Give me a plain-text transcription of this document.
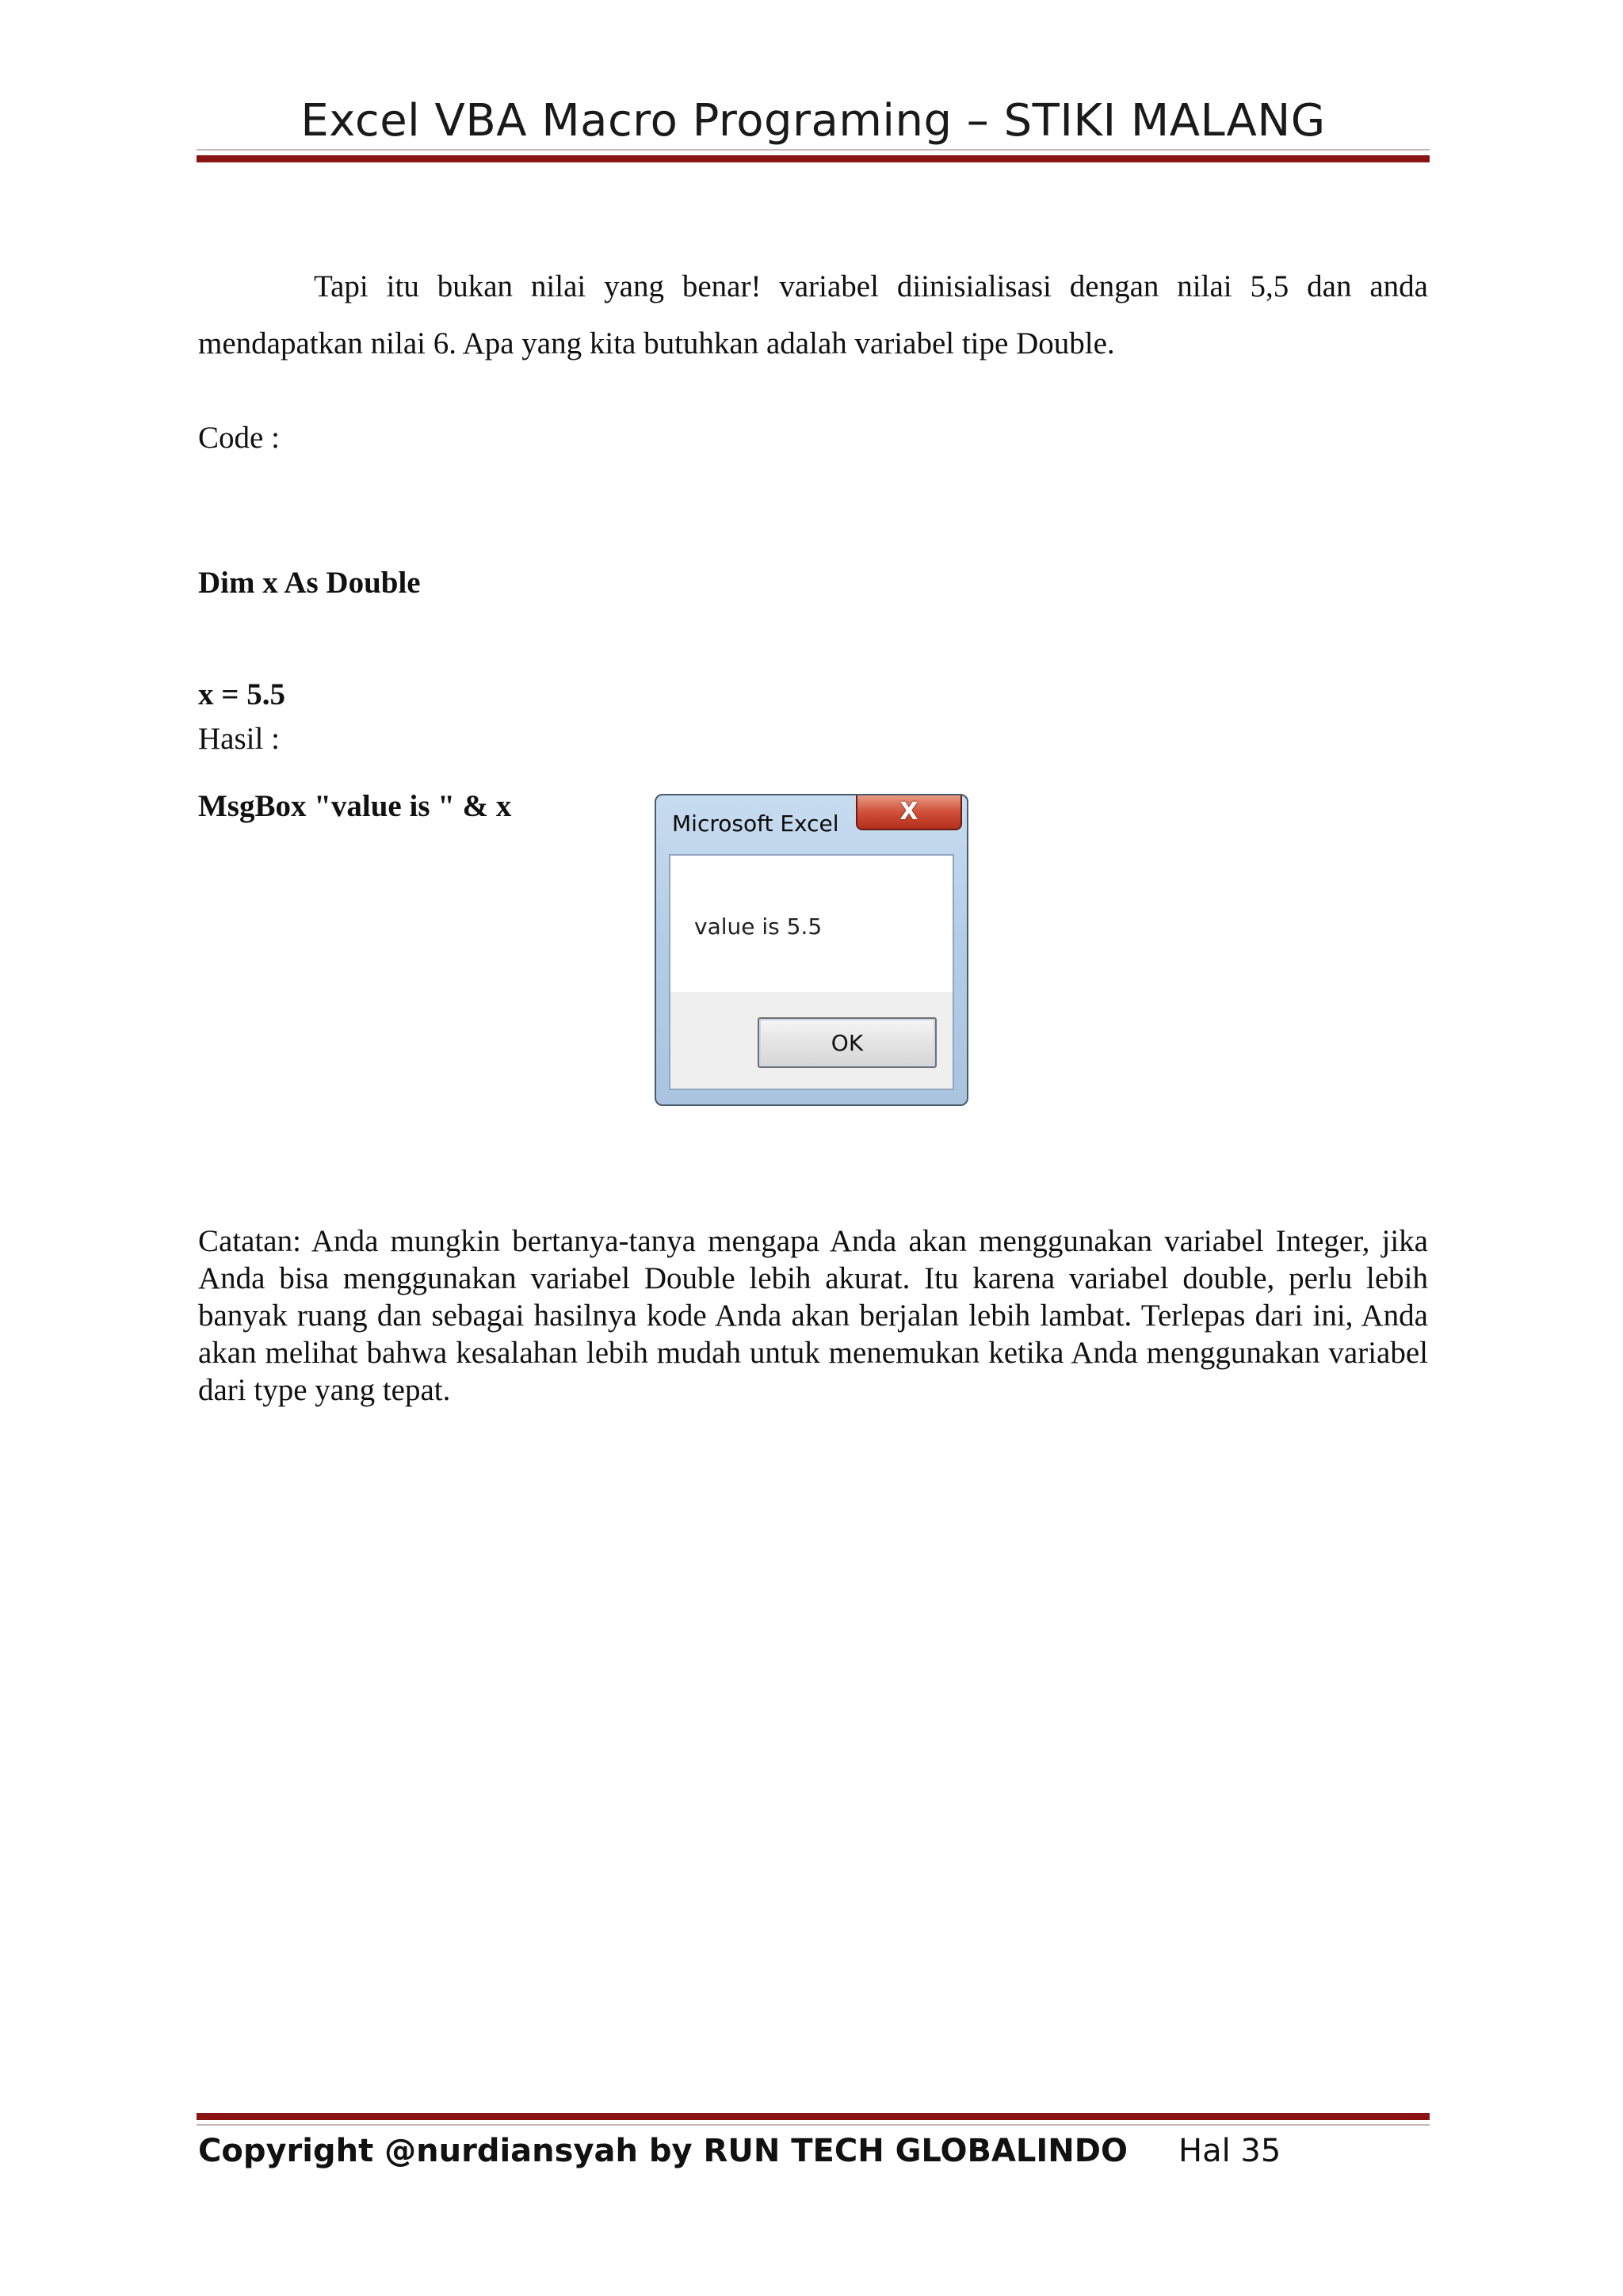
Excel VBA Macro Programing – STIKI MALANG
Tapi itu bukan nilai yang benar! variabel diinisialisasi dengan nilai 5,5 dan anda mendapatkan nilai 6. Apa yang kita butuhkan adalah variabel tipe Double.
Code :

Dim x As Double

x = 5.5

MsgBox "value is " & x

Hasil :
Microsoft Excel	X
value is 5.5
OK
Catatan: Anda mungkin bertanya-tanya mengapa Anda akan menggunakan variabel Integer, jika Anda bisa menggunakan variabel Double lebih akurat. Itu karena variabel double, perlu lebih banyak ruang dan sebagai hasilnya kode Anda akan berjalan lebih lambat. Terlepas dari ini, Anda akan melihat bahwa kesalahan lebih mudah untuk menemukan ketika Anda menggunakan variabel dari type yang tepat.
Copyright @nurdiansyah by RUN TECH GLOBALINDO Hal 35
